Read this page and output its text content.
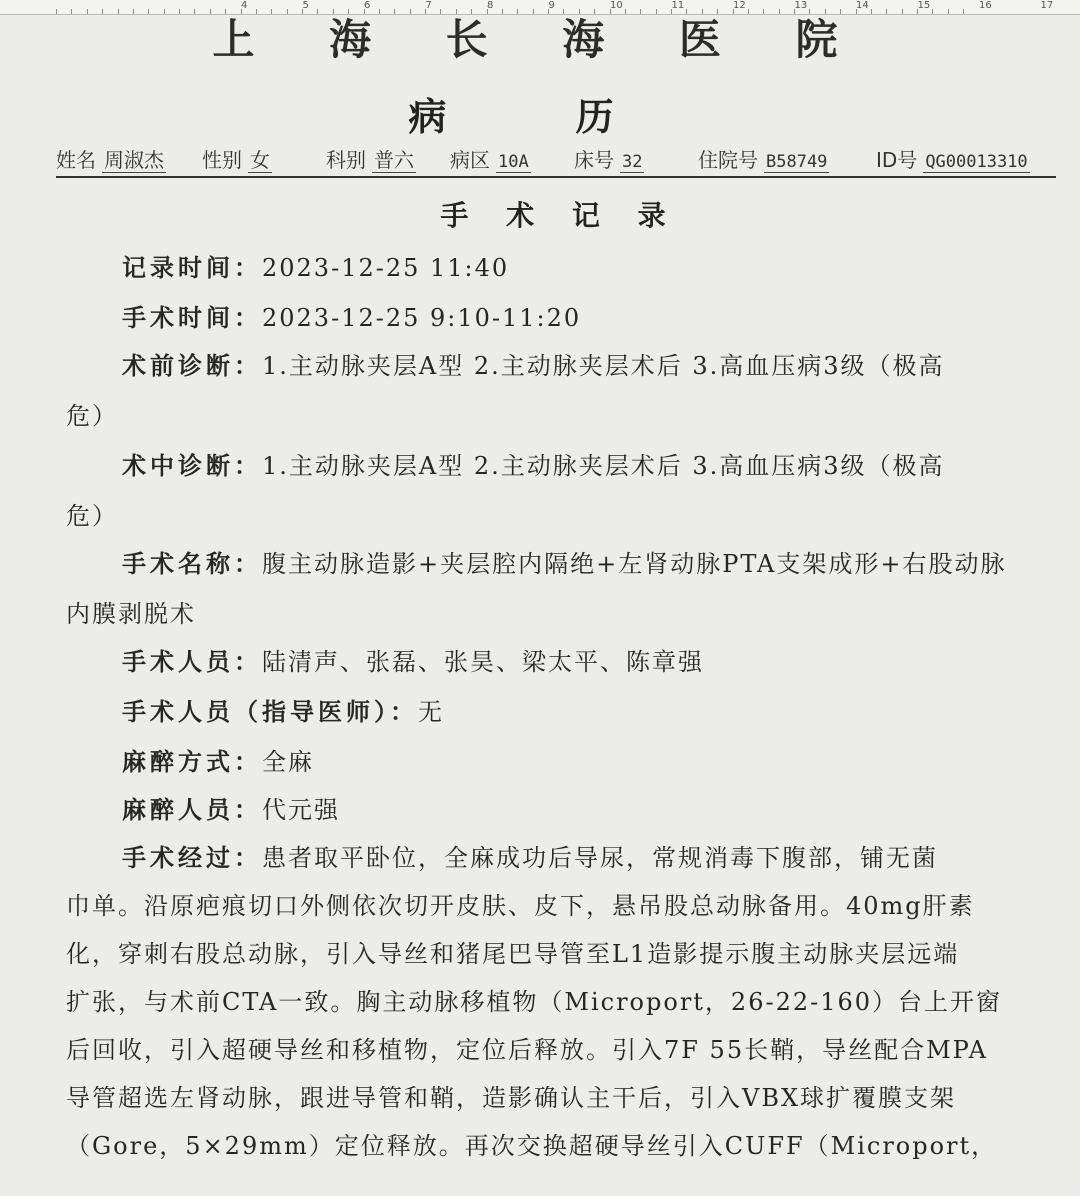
4	5	6	7	8	9	10	11	12	13	14	15	16	17
上 海 长 海 医 院
病 历
姓名 周淑杰 性别 女	科别 普六 病区 10A 床号 32	住院号 B58749 ID号 QG00013310
手 术 记 录
记录时间：2023-12-25 11:40
手术时间：2023-12-25 9:10-11:20
术前诊断：1.主动脉夹层A型 2.主动脉夹层术后 3.高血压病3级（极高
危）
术中诊断：1.主动脉夹层A型 2.主动脉夹层术后 3.高血压病3级（极高
危）
手术名称：腹主动脉造影+夹层腔内隔绝+左肾动脉PTA支架成形+右股动脉
内膜剥脱术
手术人员：陆清声、张磊、张昊、梁太平、陈章强
手术人员（指导医师）：无
麻醉方式：全麻
麻醉人员：代元强
手术经过：患者取平卧位，全麻成功后导尿，常规消毒下腹部，铺无菌
巾单。沿原疤痕切口外侧依次切开皮肤、皮下，悬吊股总动脉备用。40mg肝素
化，穿刺右股总动脉，引入导丝和猪尾巴导管至L1造影提示腹主动脉夹层远端
扩张，与术前CTA一致。胸主动脉移植物（Microport，26-22-160）台上开窗
后回收，引入超硬导丝和移植物，定位后释放。引入7F 55长鞘，导丝配合MPA
导管超选左肾动脉，跟进导管和鞘，造影确认主干后，引入VBX球扩覆膜支架
（Gore，5×29mm）定位释放。再次交换超硬导丝引入CUFF（Microport，
